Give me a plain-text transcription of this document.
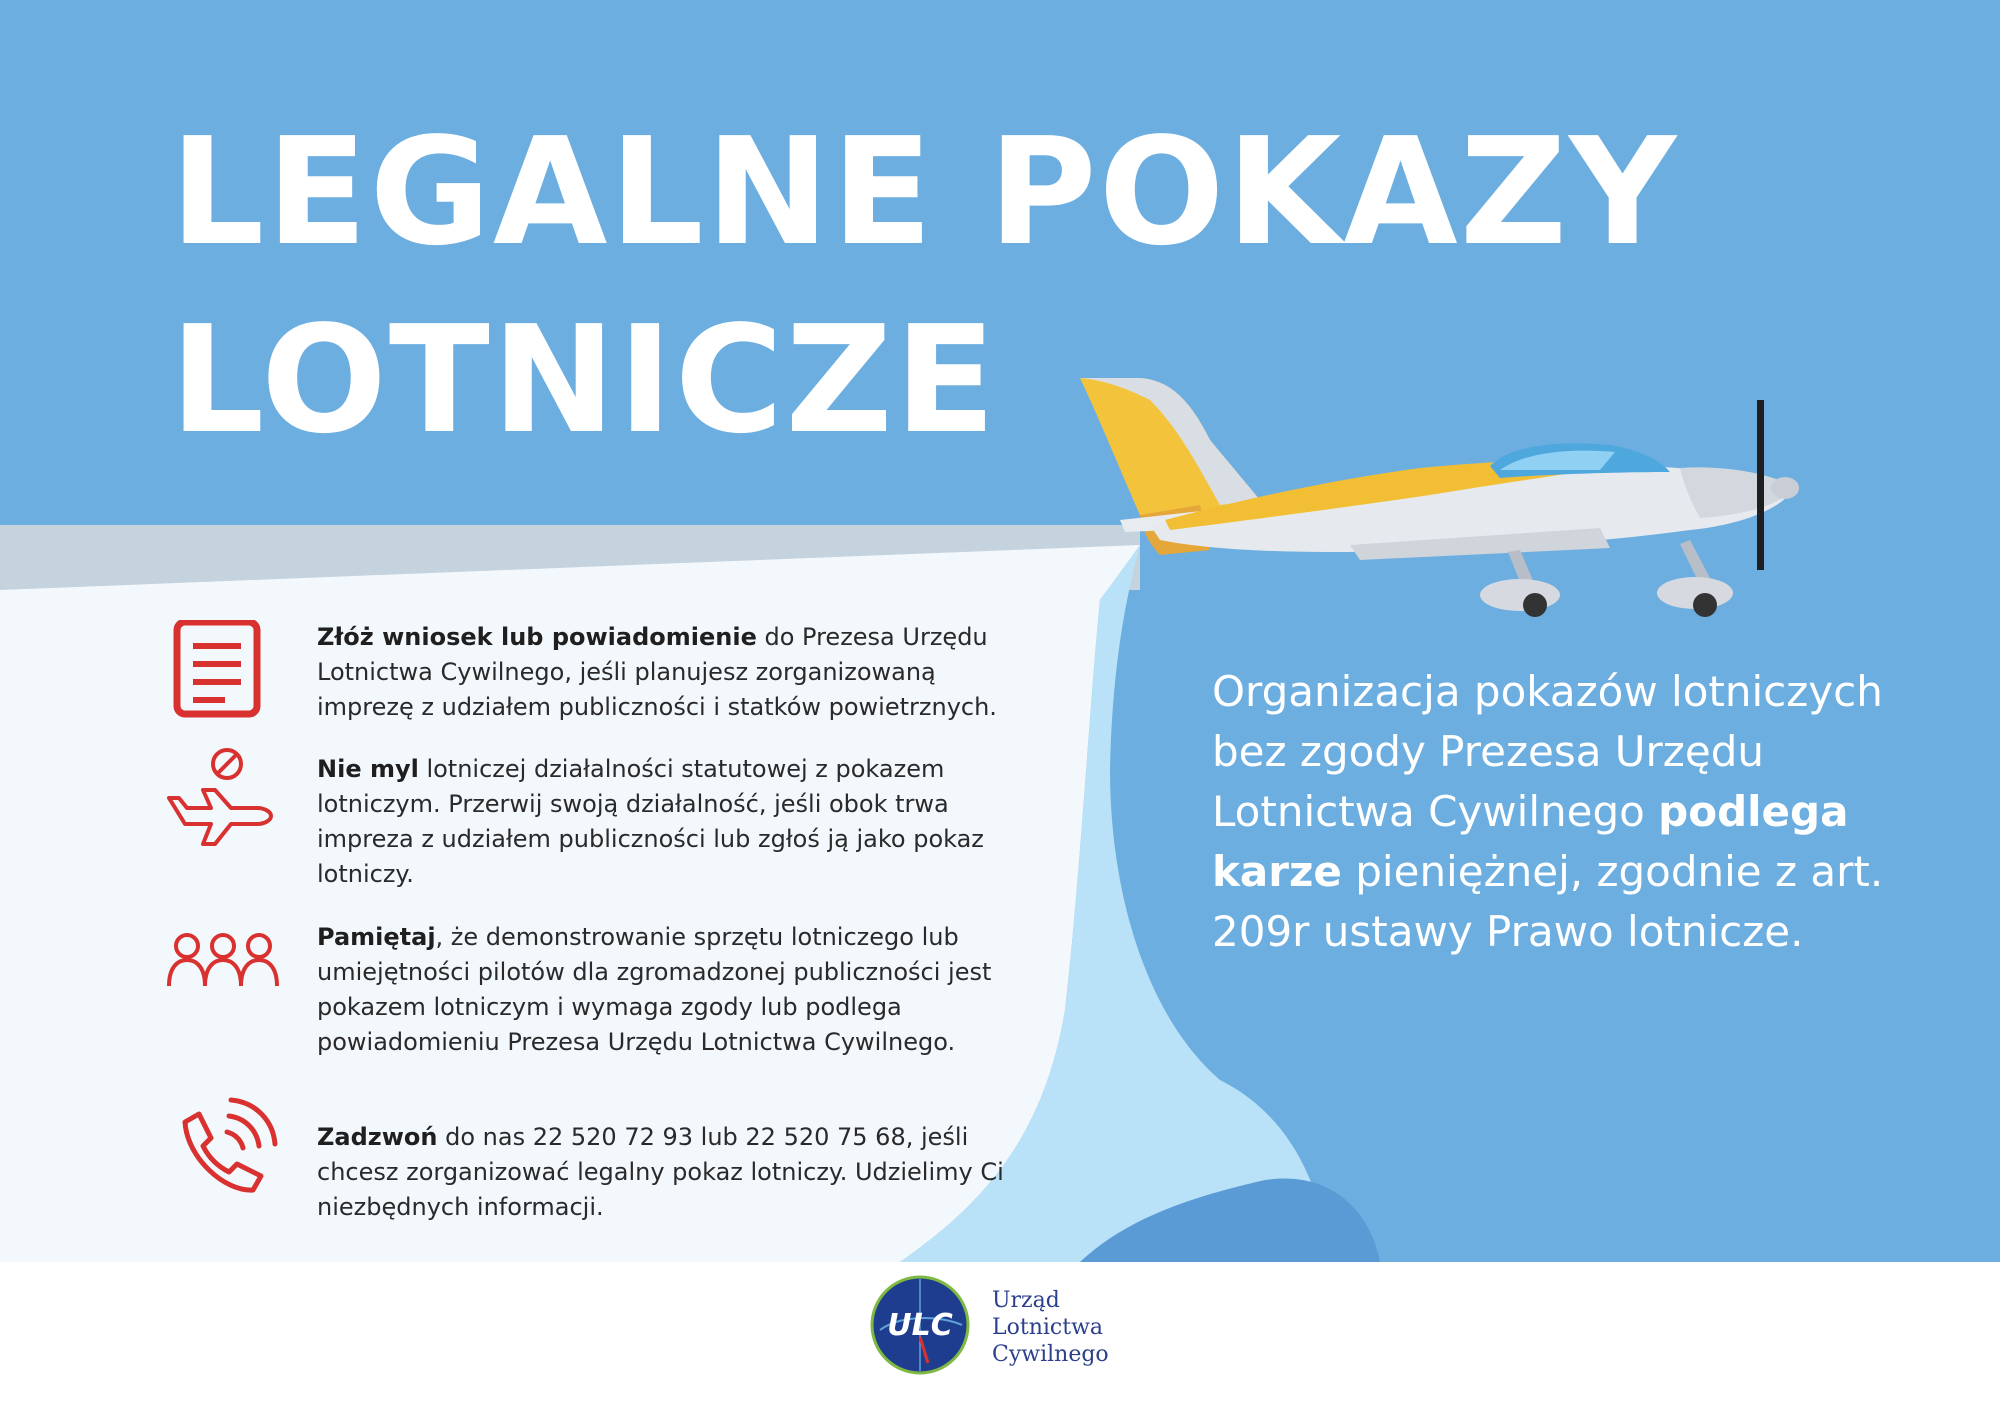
LEGALNE POKAZY
LOTNICZE
Złóż wniosek lub powiadomienie do Prezesa Urzędu Lotnictwa Cywilnego, jeśli planujesz zorganizowaną imprezę z udziałem publiczności i statków powietrznych.
Nie myl lotniczej działalności statutowej z pokazem lotniczym. Przerwij swoją działalność, jeśli obok trwa impreza z udziałem publiczności lub zgłoś ją jako pokaz lotniczy.
Pamiętaj, że demonstrowanie sprzętu lotniczego lub umiejętności pilotów dla zgromadzonej publiczności jest pokazem lotniczym i wymaga zgody lub podlega powiadomieniu Prezesa Urzędu Lotnictwa Cywilnego.
Zadzwoń do nas 22 520 72 93 lub 22 520 75 68, jeśli chcesz zorganizować legalny pokaz lotniczy. Udzielimy Ci niezbędnych informacji.
Organizacja pokazów lotniczych bez zgody Prezesa Urzędu Lotnictwa Cywilnego podlega karze pieniężnej, zgodnie z art. 209r ustawy Prawo lotnicze.
ULC
Urząd
Lotnictwa
Cywilnego
